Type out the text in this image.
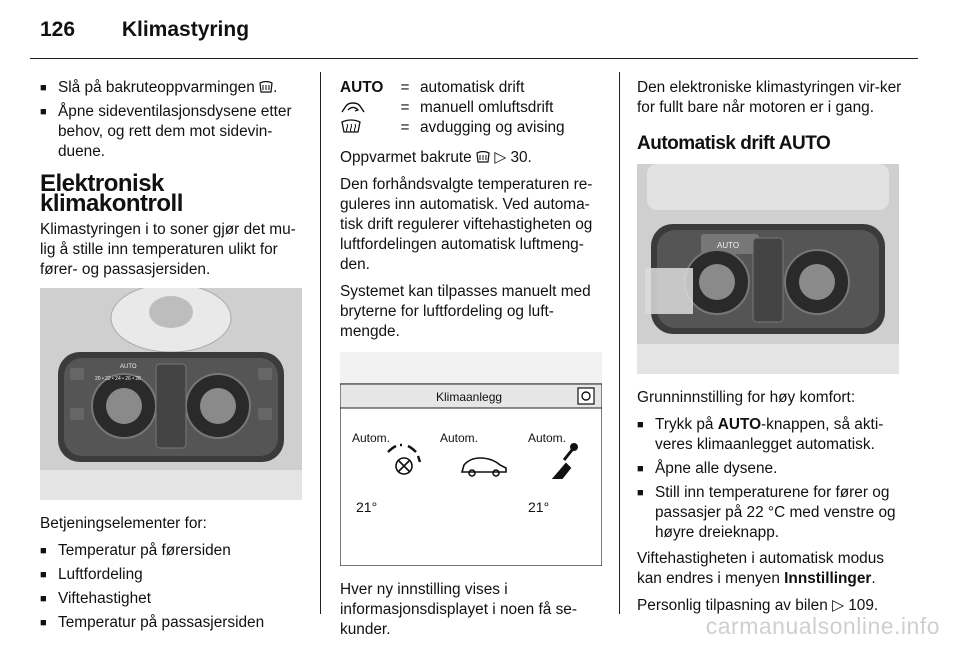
126 Klimastyring
■ Slå på bakruteoppvarmingen .
■ Åpne sideventilasjonsdysene etter behov, og rett dem mot sidevin-duene.
Elektronisk klimakontroll

Klimastyringen i to soner gjør det mu-lig å stille inn temperaturen ulikt for fører- og passasjersiden.

AUTO
20 • 22 • 24 • 26 • 28

Betjeningselementer for:

■ Temperatur på førersiden
■ Luftfordeling
■ Viftehastighet
■ Temperatur på passasjersiden
AUTO	=	automatisk drift
	=	manuell omluftsdrift
	=	avdugging og avising

Oppvarmet bakrute ▷ 30.

Den forhåndsvalgte temperaturen re-guleres inn automatisk. Ved automa-tisk drift regulerer viftehastigheten og luftfordelingen automatisk luftmeng-den.

Systemet kan tilpasses manuelt med bryterne for luftfordeling og luft-mengde.

Klimaanlegg
Autom.	Autom.	Autom.
21°	21°

Hver ny innstilling vises i informasjonsdisplayet i noen få se-kunder.

Den elektroniske klimastyringen vir-ker for fullt bare når motoren er i gang.

Automatisk drift AUTO
AUTO

Grunninnstilling for høy komfort:

■ Trykk på AUTO-knappen, så akti-veres klimaanlegget automatisk.
■ Åpne alle dysene.
■ Still inn temperaturene for fører og passasjer på 22 °C med venstre og høyre dreieknapp.

Viftehastigheten i automatisk modus kan endres i menyen Innstillinger.

Personlig tilpasning av bilen ▷ 109.

carmanualsonline.info
